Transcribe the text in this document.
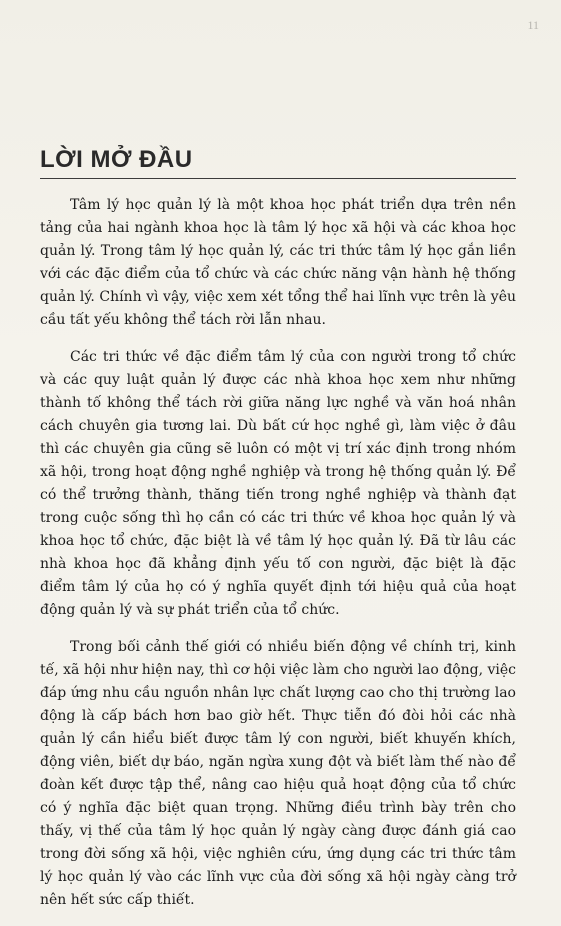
11
LỜI MỞ ĐẦU

Tâm lý học quản lý là một khoa học phát triển dựa trên nền tảng của hai ngành khoa học là tâm lý học xã hội và các khoa học quản lý. Trong tâm lý học quản lý, các tri thức tâm lý học gắn liền với các đặc điểm của tổ chức và các chức năng vận hành hệ thống quản lý. Chính vì vậy, việc xem xét tổng thể hai lĩnh vực trên là yêu cầu tất yếu không thể tách rời lẫn nhau.

Các tri thức về đặc điểm tâm lý của con người trong tổ chức và các quy luật quản lý được các nhà khoa học xem như những thành tố không thể tách rời giữa năng lực nghề và văn hoá nhân cách chuyên gia tương lai. Dù bất cứ học nghề gì, làm việc ở đâu thì các chuyên gia cũng sẽ luôn có một vị trí xác định trong nhóm xã hội, trong hoạt động nghề nghiệp và trong hệ thống quản lý. Để có thể trưởng thành, thăng tiến trong nghề nghiệp và thành đạt trong cuộc sống thì họ cần có các tri thức về khoa học quản lý và khoa học tổ chức, đặc biệt là về tâm lý học quản lý. Đã từ lâu các nhà khoa học đã khẳng định yếu tố con người, đặc biệt là đặc điểm tâm lý của họ có ý nghĩa quyết định tới hiệu quả của hoạt động quản lý và sự phát triển của tổ chức.

Trong bối cảnh thế giới có nhiều biến động về chính trị, kinh tế, xã hội như hiện nay, thì cơ hội việc làm cho người lao động, việc đáp ứng nhu cầu nguồn nhân lực chất lượng cao cho thị trường lao động là cấp bách hơn bao giờ hết. Thực tiễn đó đòi hỏi các nhà quản lý cần hiểu biết được tâm lý con người, biết khuyến khích, động viên, biết dự báo, ngăn ngừa xung đột và biết làm thế nào để đoàn kết được tập thể, nâng cao hiệu quả hoạt động của tổ chức có ý nghĩa đặc biệt quan trọng. Những điều trình bày trên cho thấy, vị thế của tâm lý học quản lý ngày càng được đánh giá cao trong đời sống xã hội, việc nghiên cứu, ứng dụng các tri thức tâm lý học quản lý vào các lĩnh vực của đời sống xã hội ngày càng trở nên hết sức cấp thiết.
